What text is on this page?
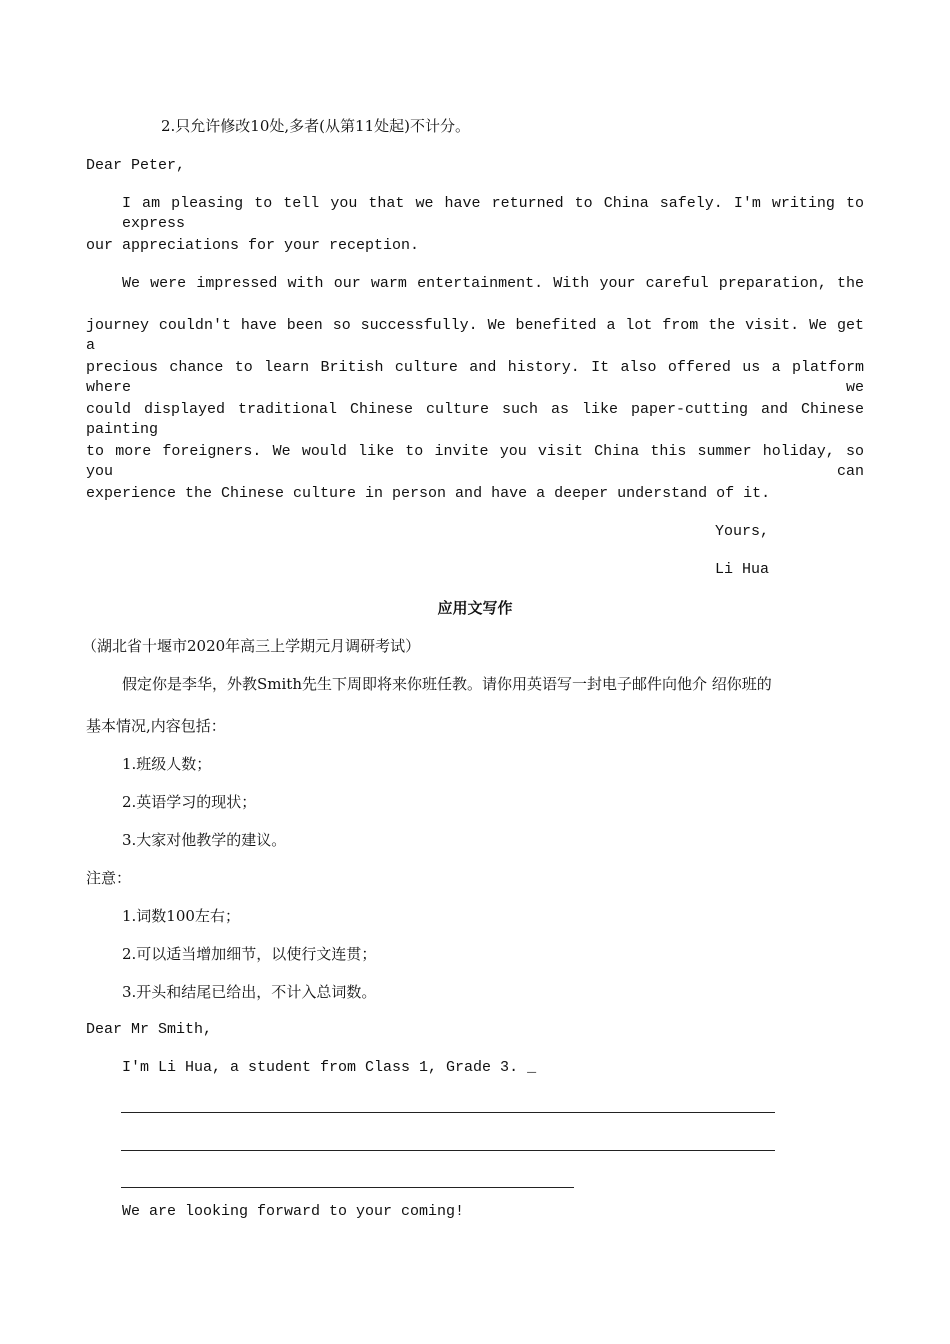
2.只允许修改10处,多者(从第11处起)不计分。
Dear Peter,
I am pleasing to tell you that we have returned to China safely. I'm writing to express
our appreciations for your reception.
We were impressed with our warm entertainment. With your careful preparation, the
journey couldn't have been so successfully. We benefited a lot from the visit. We get a
precious chance to learn British culture and history. It also offered us a platform where we
could displayed traditional Chinese culture such as like paper-cutting and Chinese painting
to more foreigners. We would like to invite you visit China this summer holiday, so you can
experience the Chinese culture in person and have a deeper understand of it.
Yours,
Li Hua
应用文写作
（湖北省十堰市2020年高三上学期元月调研考试）
假定你是李华，外教Smith先生下周即将来你班任教。请你用英语写一封电子邮件向他介 绍你班的
基本情况,内容包括：
1.班级人数；
2.英语学习的现状；
3.大家对他教学的建议。
注意：
1.词数100左右；
2.可以适当增加细节，以使行文连贯；
3.开头和结尾已给出，不计入总词数。
Dear Mr Smith,
I'm Li Hua, a student from Class 1, Grade 3. _
We are looking forward to your coming!
